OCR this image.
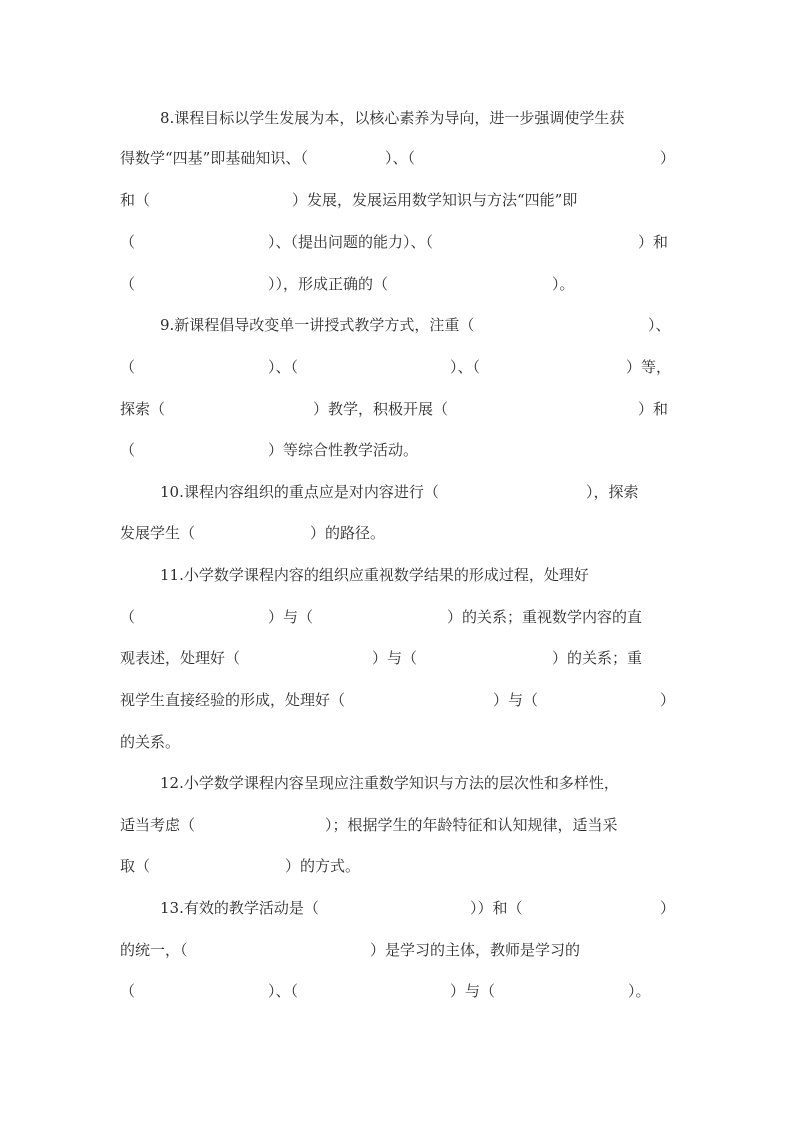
8.课程目标以学生发展为本，以核心素养为导向，进一步强调使学生获
得数学“四基”即基础知识、（	）、（	）
和（	）发展，发展运用数学知识与方法“四能”即
（	）、（提出问题的能力）、（	）和
（	）），形成正确的（	）。
9.新课程倡导改变单一讲授式教学方式，注重（	）、
（	）、（	）、（	）等，
探索（	）教学，积极开展（	）和
（	）等综合性教学活动。
10.课程内容组织的重点应是对内容进行（	），探索
发展学生（	）的路径。
11.小学数学课程内容的组织应重视数学结果的形成过程，处理好
（	）与（	）的关系；重视数学内容的直
观表述，处理好（	）与（	）的关系；重
视学生直接经验的形成，处理好（	）与（	）
的关系。
12.小学数学课程内容呈现应注重数学知识与方法的层次性和多样性，
适当考虑（	）；根据学生的年龄特征和认知规律，适当采
取（	）的方式。
13.有效的教学活动是（	））和（	）
的统一，（	）是学习的主体，教师是学习的
（	）、（	）与（	）。
